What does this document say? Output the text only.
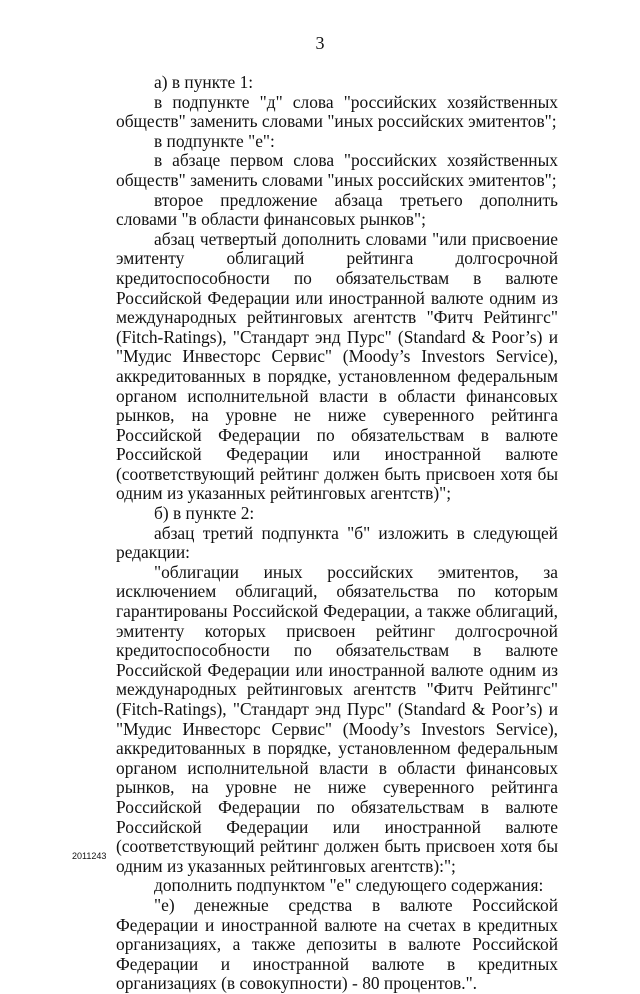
3

а) в пункте 1:

в подпункте "д" слова "российских хозяйственных обществ" заменить словами "иных российских эмитентов";

в подпункте "е":

в абзаце первом слова "российских хозяйственных обществ" заменить словами "иных российских эмитентов";

второе предложение абзаца третьего дополнить словами "в области финансовых рынков";

абзац четвертый дополнить словами "или присвоение эмитенту облигаций рейтинга долгосрочной кредитоспособности по обязательствам в валюте Российской Федерации или иностранной валюте одним из международных рейтинговых агентств "Фитч Рейтингс" (Fitch-Ratings), "Стандарт энд Пурс" (Standard & Poor’s) и "Мудис Инвесторс Сервис" (Moody’s Investors Service), аккредитованных в порядке, установленном федеральным органом исполнительной власти в области финансовых рынков, на уровне не ниже суверенного рейтинга Российской Федерации по обязательствам в валюте Российской Федерации или иностранной валюте (соответствующий рейтинг должен быть присвоен хотя бы одним из указанных рейтинговых агентств)";

б) в пункте 2:

абзац третий подпункта "б" изложить в следующей редакции:

"облигации иных российских эмитентов, за исключением облигаций, обязательства по которым гарантированы Российской Федерации, а также облигаций, эмитенту которых присвоен рейтинг долгосрочной кредитоспособности по обязательствам в валюте Российской Федерации или иностранной валюте одним из международных рейтинговых агентств "Фитч Рейтингс" (Fitch-Ratings), "Стандарт энд Пурс" (Standard & Poor’s) и "Мудис Инвесторс Сервис" (Moody’s Investors Service), аккредитованных в порядке, установленном федеральным органом исполнительной власти в области финансовых рынков, на уровне не ниже суверенного рейтинга Российской Федерации по обязательствам в валюте Российской Федерации или иностранной валюте (соответствующий рейтинг должен быть присвоен хотя бы одним из указанных рейтинговых агентств):";

дополнить подпунктом "е" следующего содержания:

"е) денежные средства в валюте Российской Федерации и иностранной валюте на счетах в кредитных организациях, а также депозиты в валюте Российской Федерации и иностранной валюте в кредитных организациях (в совокупности) - 80 процентов.".

2011243
